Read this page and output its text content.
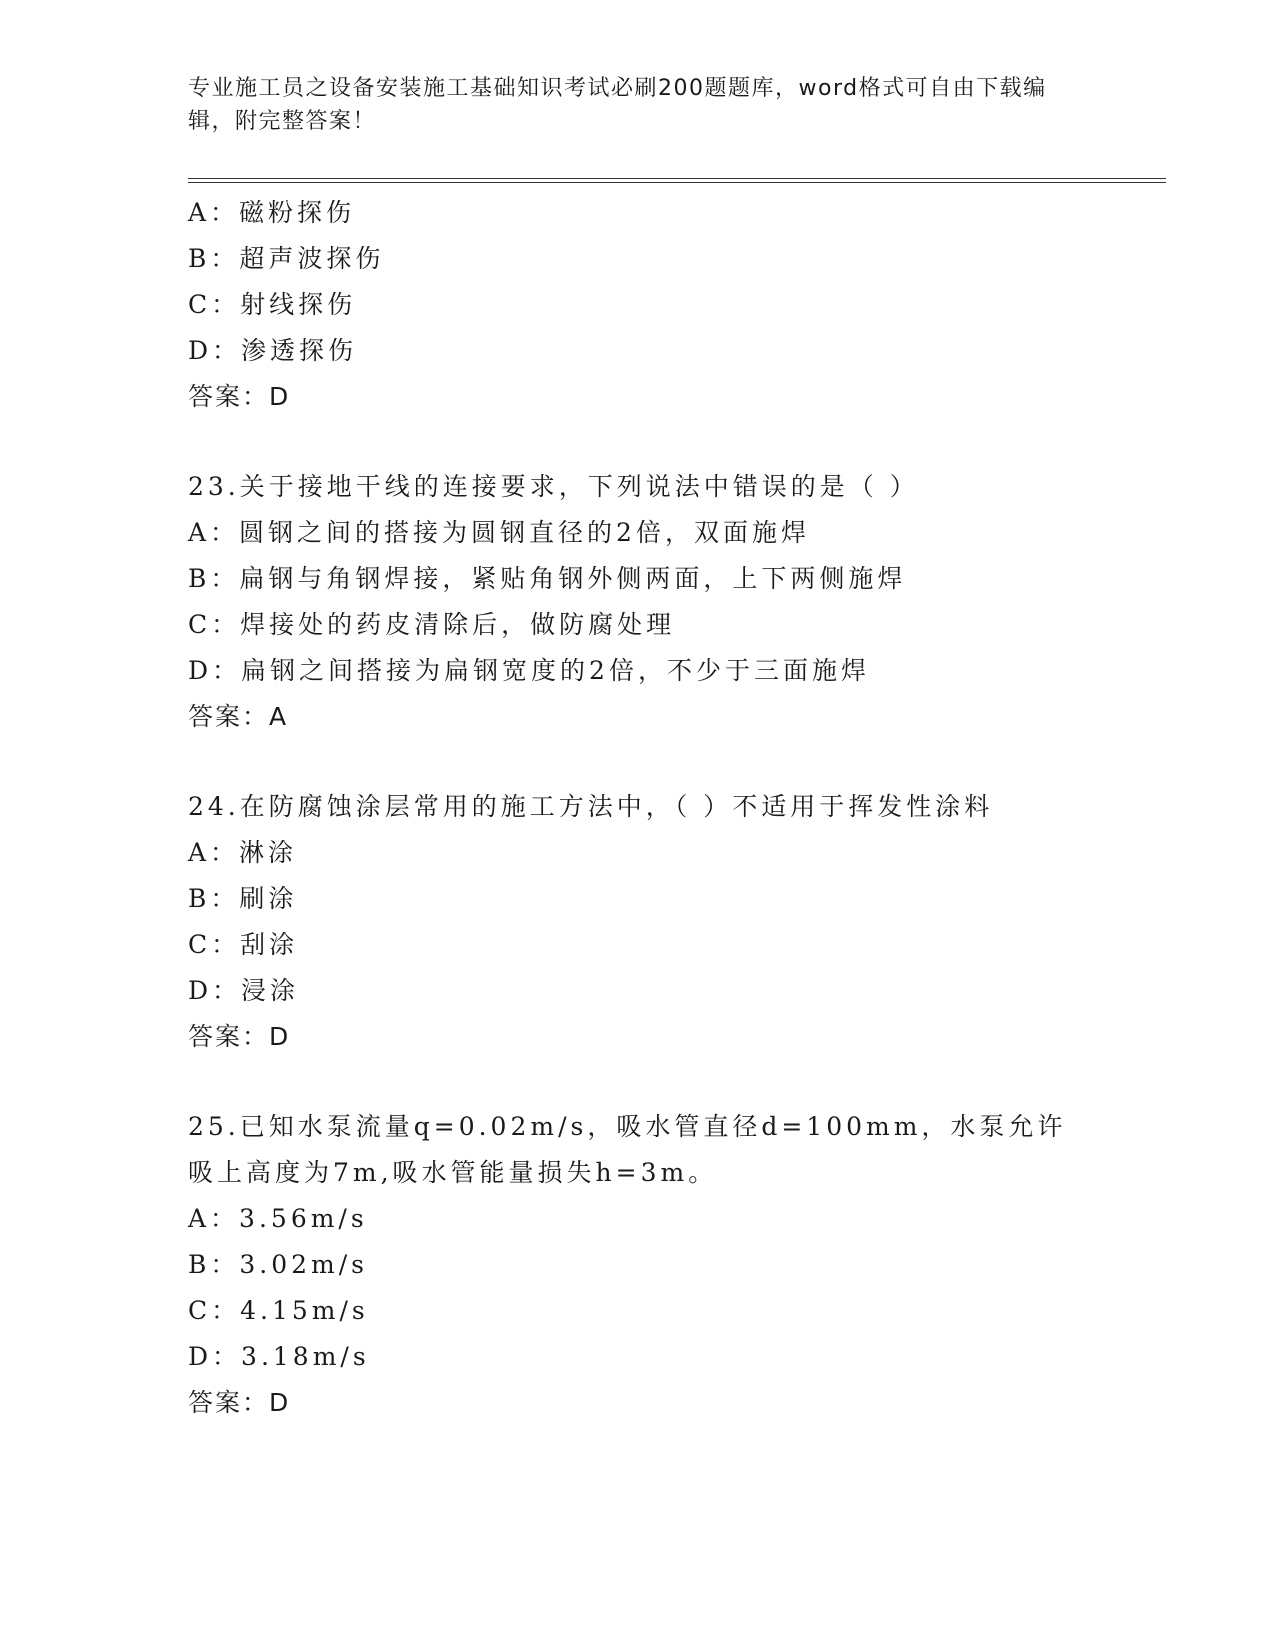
专业施工员之设备安装施工基础知识考试必刷200题题库，word格式可自由下载编辑，附完整答案！
A：磁粉探伤
B：超声波探伤
C：射线探伤
D：渗透探伤
答案：D
23.关于接地干线的连接要求，下列说法中错误的是（ ）
A：圆钢之间的搭接为圆钢直径的2倍，双面施焊
B：扁钢与角钢焊接，紧贴角钢外侧两面，上下两侧施焊
C：焊接处的药皮清除后，做防腐处理
D：扁钢之间搭接为扁钢宽度的2倍，不少于三面施焊
答案：A
24.在防腐蚀涂层常用的施工方法中，（ ）不适用于挥发性涂料
A：淋涂
B：刷涂
C：刮涂
D：浸涂
答案：D
25.已知水泵流量q=0.02m/s，吸水管直径d=100mm，水泵允许吸上高度为7m,吸水管能量损失h=3m。
A：3.56m/s
B：3.02m/s
C：4.15m/s
D：3.18m/s
答案：D
